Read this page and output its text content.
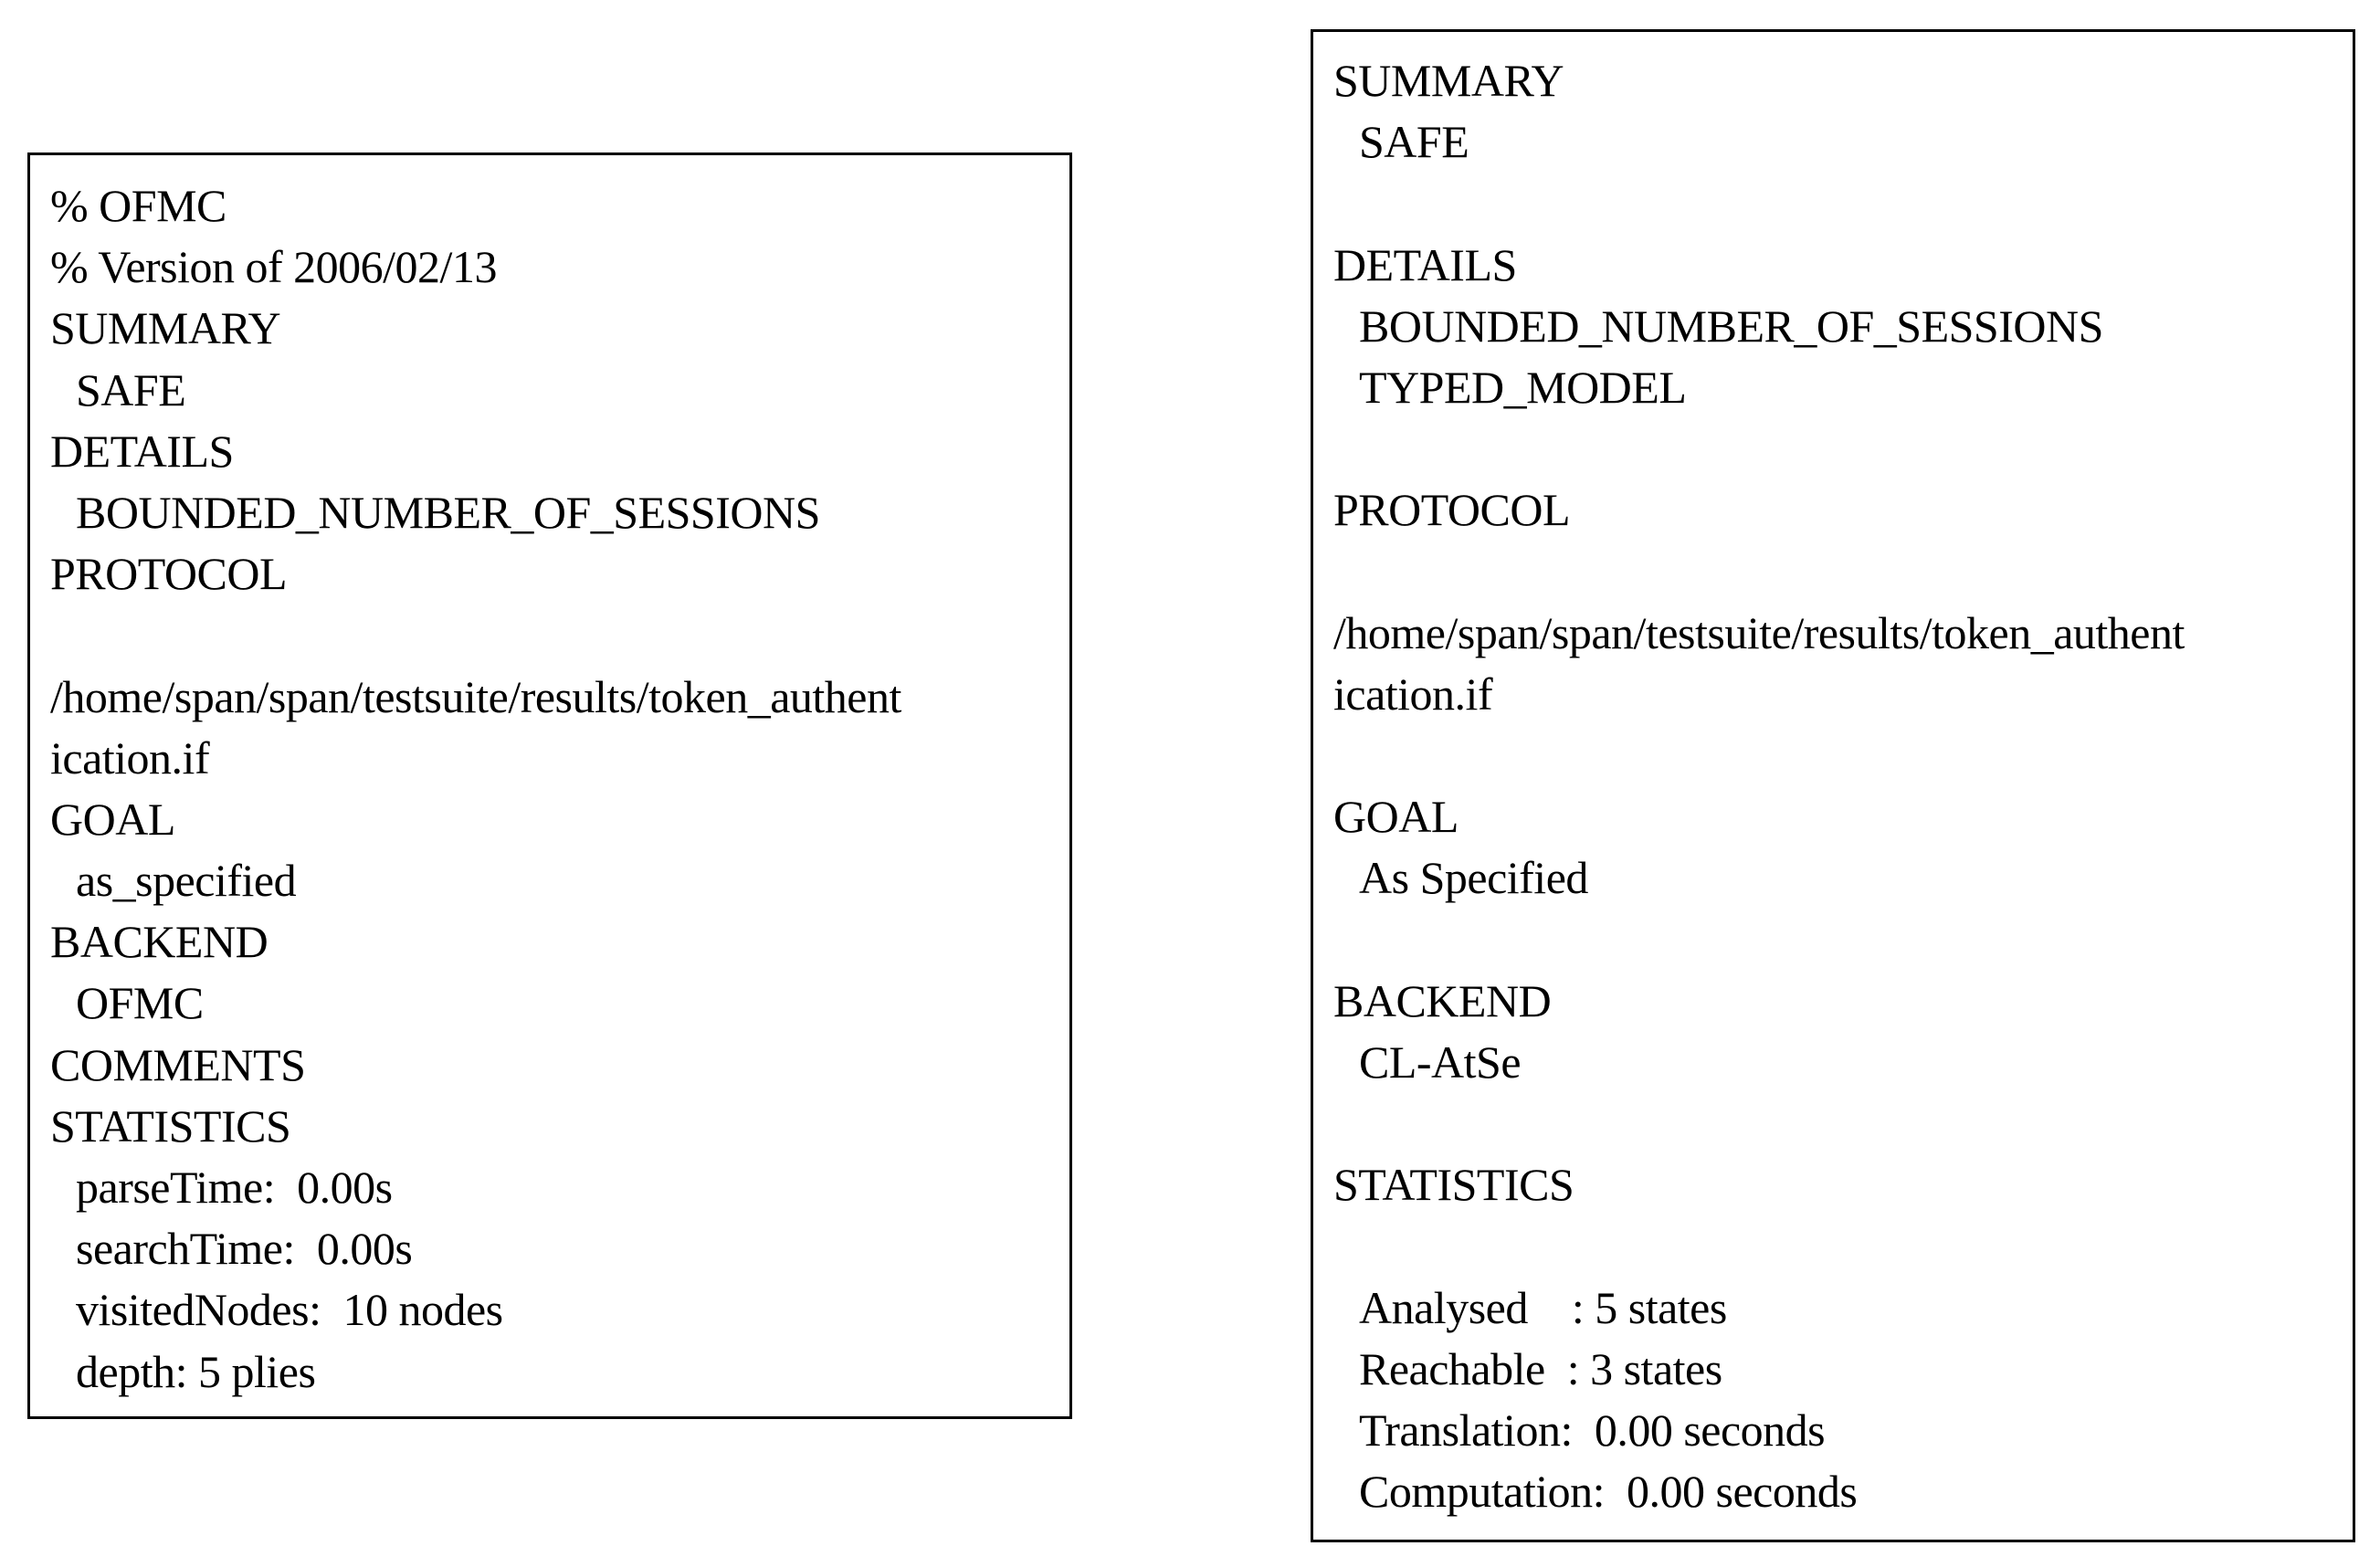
% OFMC
% Version of 2006/02/13
SUMMARY
SAFE
DETAILS
BOUNDED_NUMBER_OF_SESSIONS
PROTOCOL
/home/span/span/testsuite/results/token_authent
ication.if
GOAL
as_specified
BACKEND
OFMC
COMMENTS
STATISTICS
parseTime:  0.00s
searchTime:  0.00s
visitedNodes:  10 nodes
depth: 5 plies
SUMMARY
SAFE
DETAILS
BOUNDED_NUMBER_OF_SESSIONS
TYPED_MODEL
PROTOCOL
/home/span/span/testsuite/results/token_authent
ication.if
GOAL
As Specified
BACKEND
CL-AtSe
STATISTICS
Analysed    : 5 states
Reachable  : 3 states
Translation:  0.00 seconds
Computation:  0.00 seconds
